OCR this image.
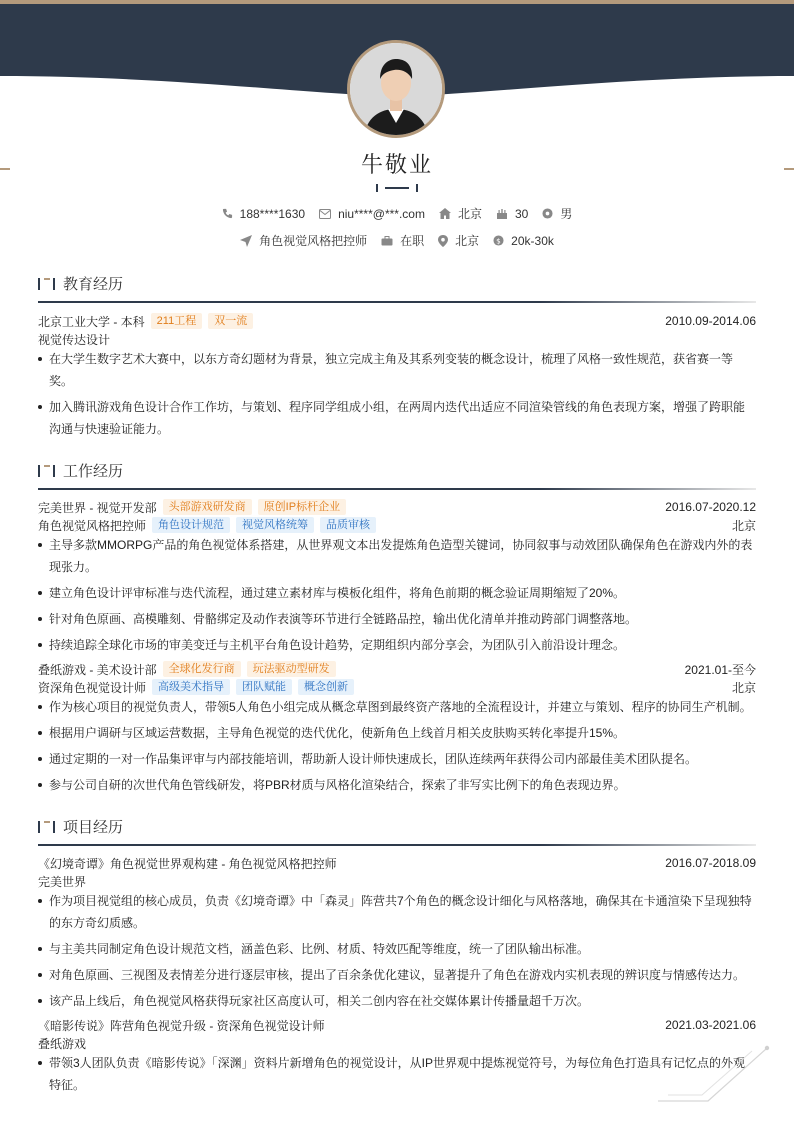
牛敬业
188****1630	niu****@***.com	北京	30	男
角色视觉风格把控师	在职	北京 $ 20k-30k
教育经历
北京工业大学 - 本科	211工程	双一流	2010.09-2014.06
视觉传达设计
在大学生数字艺术大赛中，以东方奇幻题材为背景，独立完成主角及其系列变装的概念设计，梳理了风格一致性规范，获省赛一等
奖。
加入腾讯游戏角色设计合作工作坊，与策划、程序同学组成小组，在两周内迭代出适应不同渲染管线的角色表现方案，增强了跨职能
沟通与快速验证能力。
工作经历
完美世界 - 视觉开发部	头部游戏研发商	原创IP标杆企业	2016.07-2020.12
角色视觉风格把控师	角色设计规范	视觉风格统筹	品质审核	北京
主导多款MMORPG产品的角色视觉体系搭建，从世界观文本出发提炼角色造型关键词，协同叙事与动效团队确保角色在游戏内外的表
现张力。
建立角色设计评审标准与迭代流程，通过建立素材库与模板化组件，将角色前期的概念验证周期缩短了20%。
针对角色原画、高模雕刻、骨骼绑定及动作表演等环节进行全链路品控，输出优化清单并推动跨部门调整落地。
持续追踪全球化市场的审美变迁与主机平台角色设计趋势，定期组织内部分享会，为团队引入前沿设计理念。
叠纸游戏 - 美术设计部	全球化发行商	玩法驱动型研发	2021.01-至今
资深角色视觉设计师	高级美术指导	团队赋能	概念创新	北京
作为核心项目的视觉负责人，带领5人角色小组完成从概念草图到最终资产落地的全流程设计，并建立与策划、程序的协同生产机制。
根据用户调研与区域运营数据，主导角色视觉的迭代优化，使新角色上线首月相关皮肤购买转化率提升15%。
通过定期的一对一作品集评审与内部技能培训，帮助新人设计师快速成长，团队连续两年获得公司内部最佳美术团队提名。
参与公司自研的次世代角色管线研发，将PBR材质与风格化渲染结合，探索了非写实比例下的角色表现边界。
项目经历
《幻境奇谭》角色视觉世界观构建 - 角色视觉风格把控师	2016.07-2018.09
完美世界
作为项目视觉组的核心成员，负责《幻境奇谭》中「森灵」阵营共7个角色的概念设计细化与风格落地，确保其在卡通渲染下呈现独特
的东方奇幻质感。
与主美共同制定角色设计规范文档，涵盖色彩、比例、材质、特效匹配等维度，统一了团队输出标准。
对角色原画、三视图及表情差分进行逐层审核，提出了百余条优化建议，显著提升了角色在游戏内实机表现的辨识度与情感传达力。
该产品上线后，角色视觉风格获得玩家社区高度认可，相关二创内容在社交媒体累计传播量超千万次。
《暗影传说》阵营角色视觉升级 - 资深角色视觉设计师	2021.03-2021.06
叠纸游戏
带领3人团队负责《暗影传说》「深渊」资料片新增角色的视觉设计，从IP世界观中提炼视觉符号，为每位角色打造具有记忆点的外观
特征。
